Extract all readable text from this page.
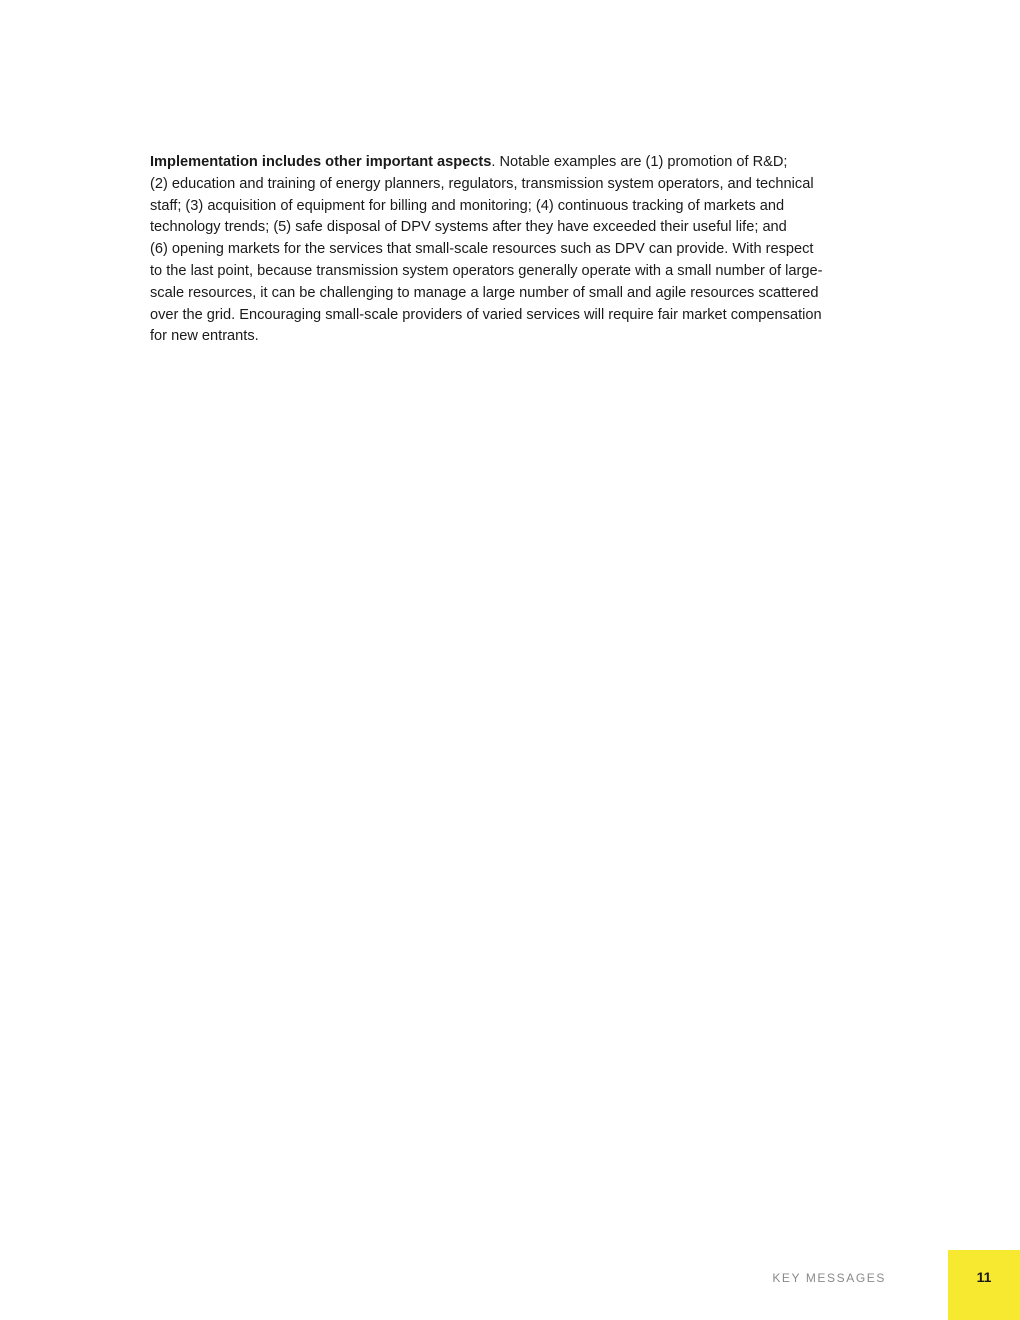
Implementation includes other important aspects. Notable examples are (1) promotion of R&D;
(2) education and training of energy planners, regulators, transmission system operators, and technical
staff; (3) acquisition of equipment for billing and monitoring; (4) continuous tracking of markets and
technology trends; (5) safe disposal of DPV systems after they have exceeded their useful life; and
(6) opening markets for the services that small-scale resources such as DPV can provide. With respect
to the last point, because transmission system operators generally operate with a small number of large-
scale resources, it can be challenging to manage a large number of small and agile resources scattered
over the grid. Encouraging small-scale providers of varied services will require fair market compensation
for new entrants.

KEY MESSAGES	11
